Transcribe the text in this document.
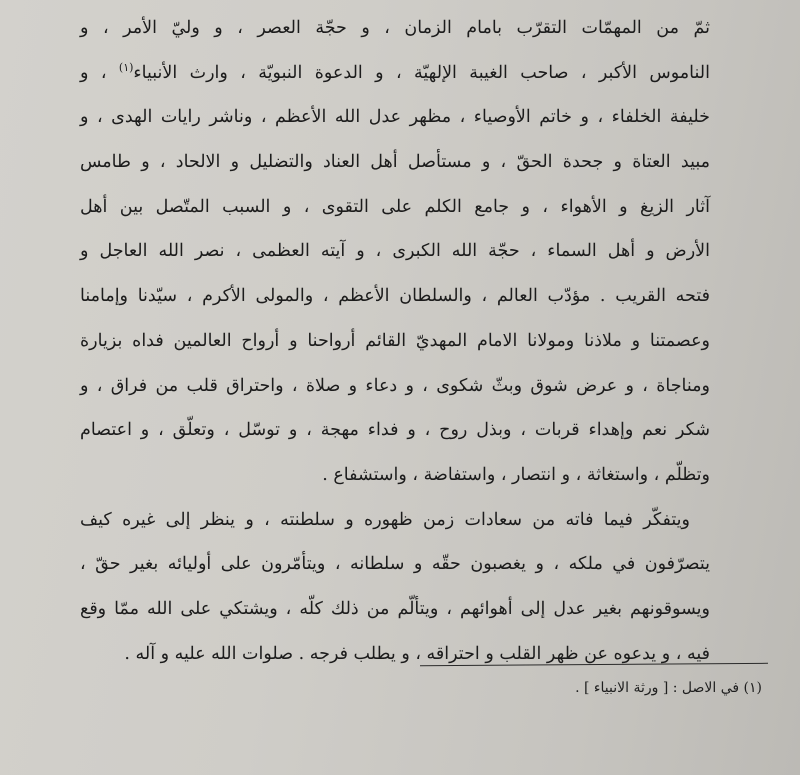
ثمّ من المهمّات التقرّب بامام الزمان ، و حجّة العصر ، و وليّ الأمر ، و
الناموس الأكبر ، صاحب الغيبة الإلهيّة ، و الدعوة النبويّة ، وارث الأنبياء$^{(١)}$ ، و
خليفة الخلفاء ، و خاتم الأوصياء ، مظهر عدل الله الأعظم ، وناشر رايات الهدى ، و
مبيد العتاة و جحدة الحقّ ، و مستأصل أهل العناد والتضليل و الالحاد ، و طامس
آثار الزيغ و الأهواء ، و جامع الكلم على التقوى ، و السبب المتّصل بين أهل
الأرض و أهل السماء ، حجّة الله الكبرى ، و آيته العظمى ، نصر الله العاجل و
فتحه القريب . مؤدّب العالم ، والسلطان الأعظم ، والمولى الأكرم ، سيّدنا وإمامنا
وعصمتنا و ملاذنا ومولانا الامام المهديّ القائم أرواحنا و أرواح العالمين فداه بزيارة
ومناجاة ، و عرض شوق وبثّ شكوى ، و دعاء و صلاة ، واحتراق قلب من فراق ، و
شكر نعم وإهداء قربات ، وبذل روح ، و فداء مهجة ، و توسّل ، وتعلّق ، و اعتصام
وتظلّم ، واستغاثة ، و انتصار ، واستفاضة ، واستشفاع .
ويتفكّر فيما فاته من سعادات زمن ظهوره و سلطنته ، و ينظر إلى غيره كيف
يتصرّفون في ملكه ، و يغصبون حقّه و سلطانه ، ويتأمّرون على أوليائه بغير حقّ ،
ويسوقونهم بغير عدل إلى أهوائهم ، ويتألّم من ذلك كلّه ، ويشتكي على الله ممّا وقع
فيه ، و يدعوه عن ظهر القلب و احتراقه ، و يطلب فرجه . صلوات الله عليه و آله .
(١) في الاصل : [ ورثة الانبياء ] .
